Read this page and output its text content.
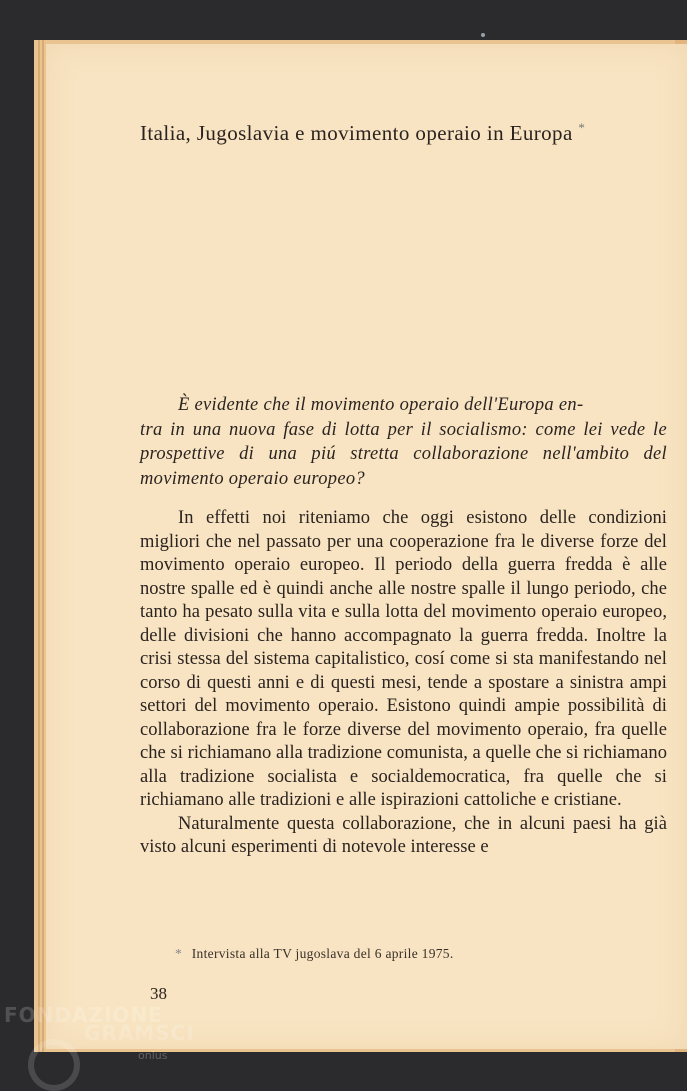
Italia, Jugoslavia e movimento operaio in Europa *
È evidente che il movimento operaio dell'Europa en-
tra in una nuova fase di lotta per il socialismo: come lei vede le prospettive di una piú stretta collaborazione nell'ambito del movimento operaio europeo?

In effetti noi riteniamo che oggi esistono delle condizioni migliori che nel passato per una cooperazione fra le diverse forze del movimento operaio europeo. Il periodo della guerra fredda è alle nostre spalle ed è quindi anche alle nostre spalle il lungo periodo, che tanto ha pesato sulla vita e sulla lotta del movimento operaio europeo, delle divisioni che hanno accompagnato la guerra fredda. Inoltre la crisi stessa del sistema capitalistico, cosí come si sta manifestando nel corso di questi anni e di questi mesi, tende a spostare a sinistra ampi settori del movimento operaio. Esistono quindi ampie possibilità di collaborazione fra le forze diverse del movimento operaio, fra quelle che si richiamano alla tradizione comunista, a quelle che si richiamano alla tradizione socialista e socialdemocratica, fra quelle che si richiamano alle tradizioni e alle ispirazioni cattoliche e cristiane.

Naturalmente questa collaborazione, che in alcuni paesi ha già visto alcuni esperimenti di notevole interesse e

* Intervista alla TV jugoslava del 6 aprile 1975.
38
FONDAZIONE
GRAMSCI
onlus
